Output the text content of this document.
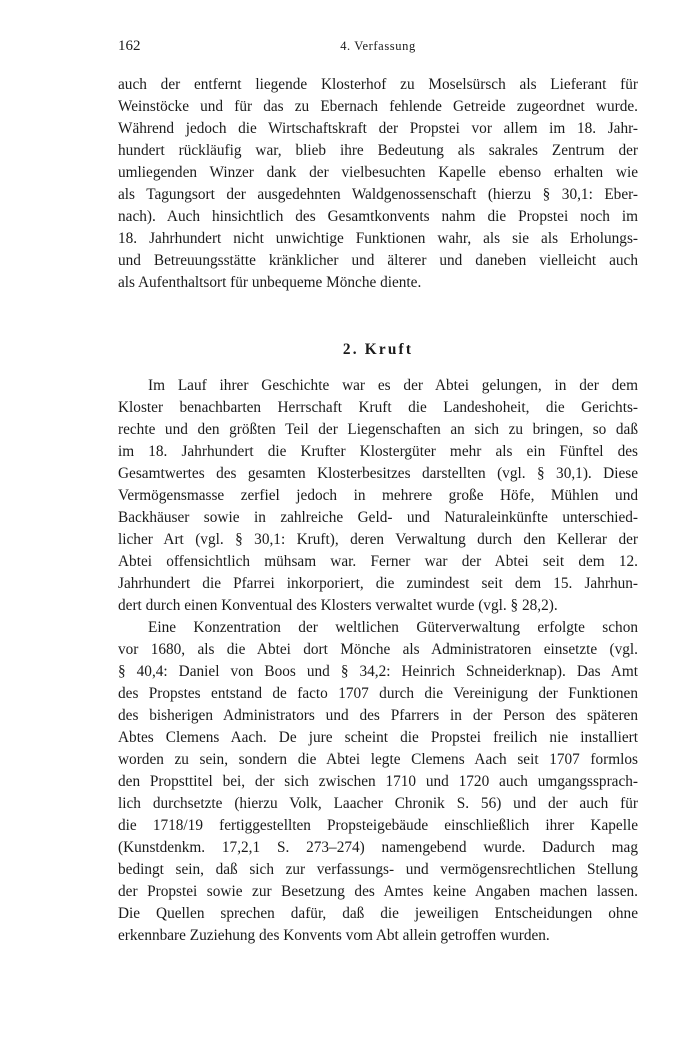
162	4. Verfassung

auch der entfernt liegende Klosterhof zu Moselsürsch als Lieferant für

Weinstöcke und für das zu Ebernach fehlende Getreide zugeordnet wurde.

Während jedoch die Wirtschaftskraft der Propstei vor allem im 18. Jahr-

hundert rückläufig war, blieb ihre Bedeutung als sakrales Zentrum der

umliegenden Winzer dank der vielbesuchten Kapelle ebenso erhalten wie

als Tagungsort der ausgedehnten Waldgenossenschaft (hierzu § 30,1: Eber-

nach). Auch hinsichtlich des Gesamtkonvents nahm die Propstei noch im

18. Jahrhundert nicht unwichtige Funktionen wahr, als sie als Erholungs-

und Betreuungsstätte kränklicher und älterer und daneben vielleicht auch

als Aufenthaltsort für unbequeme Mönche diente.

2. Kruft

Im Lauf ihrer Geschichte war es der Abtei gelungen, in der dem

Kloster benachbarten Herrschaft Kruft die Landeshoheit, die Gerichts-

rechte und den größten Teil der Liegenschaften an sich zu bringen, so daß

im 18. Jahrhundert die Krufter Klostergüter mehr als ein Fünftel des

Gesamtwertes des gesamten Klosterbesitzes darstellten (vgl. § 30,1). Diese

Vermögensmasse zerfiel jedoch in mehrere große Höfe, Mühlen und

Backhäuser sowie in zahlreiche Geld- und Naturaleinkünfte unterschied-

licher Art (vgl. § 30,1: Kruft), deren Verwaltung durch den Kellerar der

Abtei offensichtlich mühsam war. Ferner war der Abtei seit dem 12.

Jahrhundert die Pfarrei inkorporiert, die zumindest seit dem 15. Jahrhun-

dert durch einen Konventual des Klosters verwaltet wurde (vgl. § 28,2).

Eine Konzentration der weltlichen Güterverwaltung erfolgte schon

vor 1680, als die Abtei dort Mönche als Administratoren einsetzte (vgl.

§ 40,4: Daniel von Boos und § 34,2: Heinrich Schneiderknap). Das Amt

des Propstes entstand de facto 1707 durch die Vereinigung der Funktionen

des bisherigen Administrators und des Pfarrers in der Person des späteren

Abtes Clemens Aach. De jure scheint die Propstei freilich nie installiert

worden zu sein, sondern die Abtei legte Clemens Aach seit 1707 formlos

den Propsttitel bei, der sich zwischen 1710 und 1720 auch umgangssprach-

lich durchsetzte (hierzu Volk, Laacher Chronik S. 56) und der auch für

die 1718/19 fertiggestellten Propsteigebäude einschließlich ihrer Kapelle

(Kunstdenkm. 17,2,1 S. 273–274) namengebend wurde. Dadurch mag

bedingt sein, daß sich zur verfassungs- und vermögensrechtlichen Stellung

der Propstei sowie zur Besetzung des Amtes keine Angaben machen lassen.

Die Quellen sprechen dafür, daß die jeweiligen Entscheidungen ohne

erkennbare Zuziehung des Konvents vom Abt allein getroffen wurden.
